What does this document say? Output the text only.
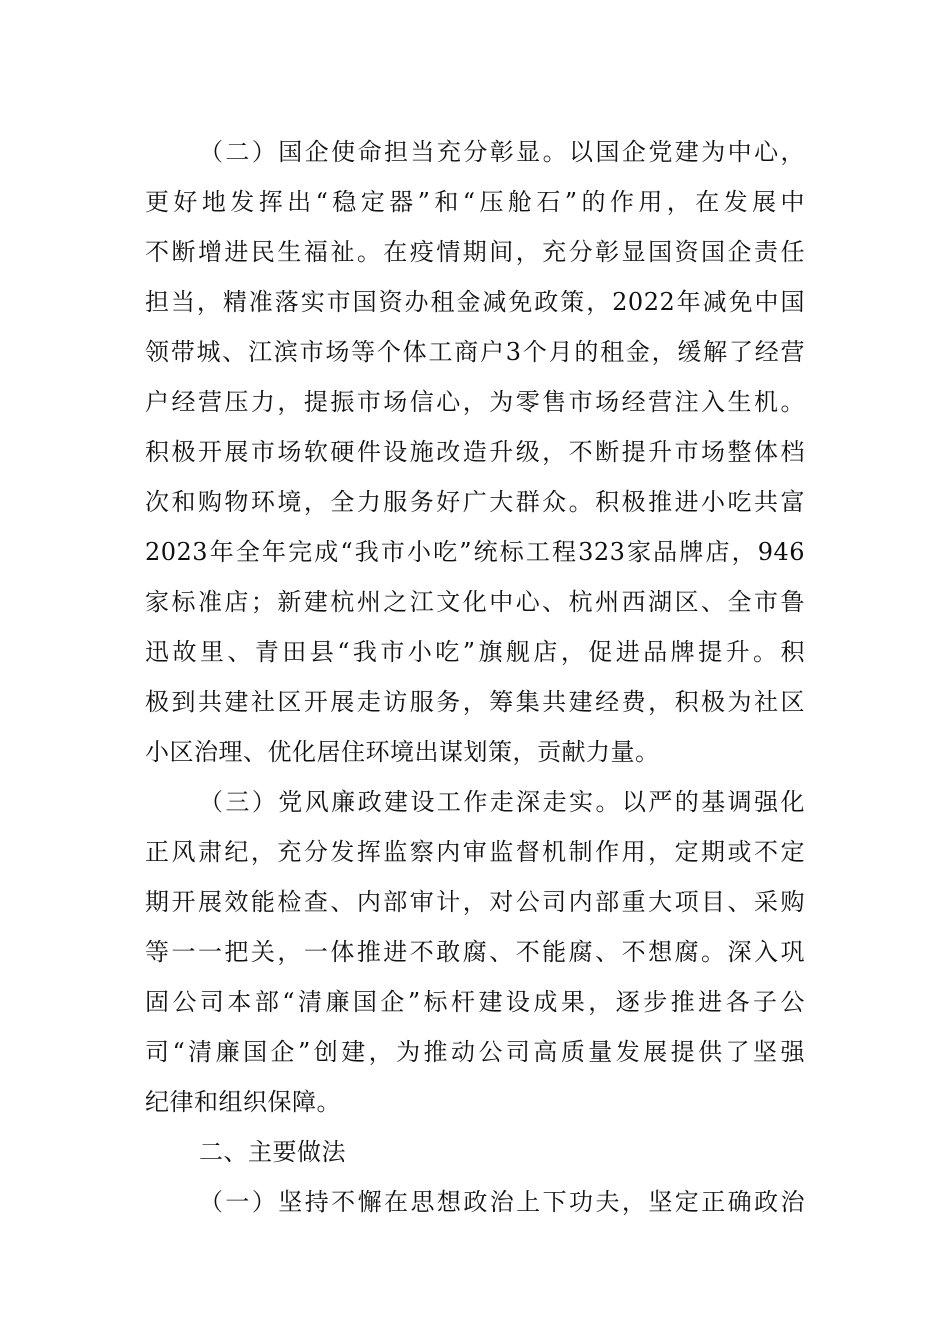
（二）国企使命担当充分彰显。以国企党建为中心，
更好地发挥出“稳定器”和“压舱石”的作用，在发展中
不断增进民生福祉。在疫情期间，充分彰显国资国企责任
担当，精准落实市国资办租金减免政策，2022年减免中国
领带城、江滨市场等个体工商户3个月的租金，缓解了经营
户经营压力，提振市场信心，为零售市场经营注入生机。
积极开展市场软硬件设施改造升级，不断提升市场整体档
次和购物环境，全力服务好广大群众。积极推进小吃共富
2023年全年完成“我市小吃”统标工程323家品牌店，946
家标准店；新建杭州之江文化中心、杭州西湖区、全市鲁
迅故里、青田县“我市小吃”旗舰店，促进品牌提升。积
极到共建社区开展走访服务，筹集共建经费，积极为社区
小区治理、优化居住环境出谋划策，贡献力量。
（三）党风廉政建设工作走深走实。以严的基调强化
正风肃纪，充分发挥监察内审监督机制作用，定期或不定
期开展效能检查、内部审计，对公司内部重大项目、采购
等一一把关，一体推进不敢腐、不能腐、不想腐。深入巩
固公司本部“清廉国企”标杆建设成果，逐步推进各子公
司“清廉国企”创建，为推动公司高质量发展提供了坚强
纪律和组织保障。
二、主要做法
（一）坚持不懈在思想政治上下功夫，坚定正确政治
